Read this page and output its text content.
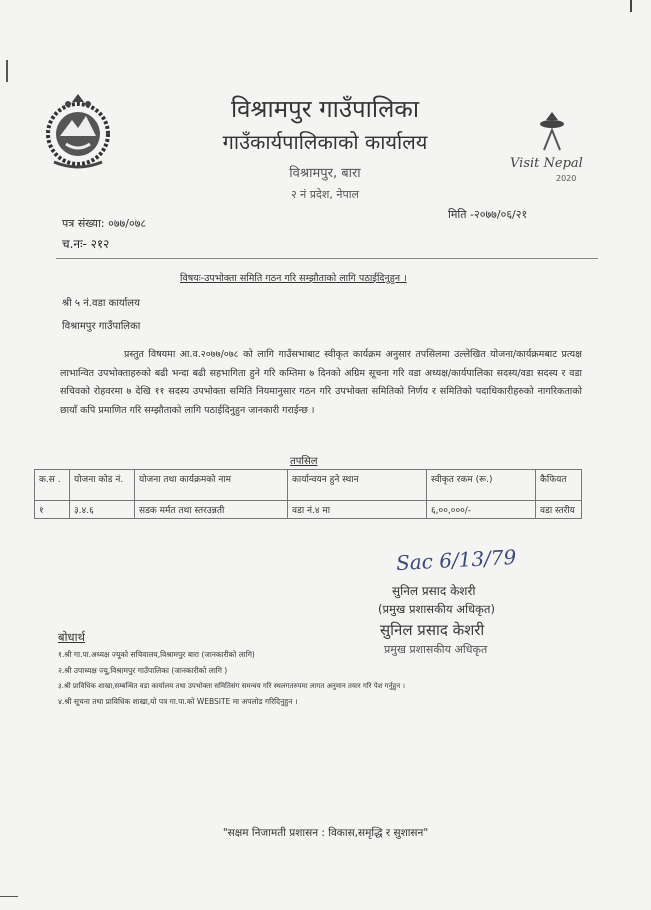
विश्रामपुर गाउँपालिका
गाउँकार्यपालिकाको कार्यालय
विश्रामपुर, बारा
२ नं प्रदेश, नेपाल
Visit Nepal
2020
पत्र संख्या: ०७७/०७८
च.नः- २१२
मिति -२०७७/०६/२१
विषयः-उपभोक्ता समिति गठन गरि सम्झौताको लागि पठाईदिनुहुन ।
श्री ५ नं.वडा कार्यालय
विश्रामपुर गाउँपालिका
प्रस्तुत विषयमा आ.व.२०७७/०७८ को लागि गाउँसभाबाट स्वीकृत कार्यक्रम अनुसार तपसिलमा उल्लेखित योजना/कार्यक्रमबाट प्रत्यक्ष लाभान्वित उपभोक्ताहरुको बढी भन्दा बढी सहभागिता हुने गरि कम्तिमा ७ दिनको अग्रिम सूचना गरि वडा अध्यक्ष/कार्यपालिका सदस्य/वडा सदस्य र वडा सचिवको रोहवरमा ७ देखि ११ सदस्य उपभोक्ता समिति नियमानुसार गठन गरि उपभोक्ता समितिको निर्णय र समितिको पदाधिकारीहरुको नागरिकताको छायाँ कपि प्रमाणित गरि सम्झौताको लागि पठाईदिनुहुन जानकारी गराईन्छ ।
तपसिल
क.स .	योजना कोड नं.	योजना तथा कार्यक्रमको नाम	कार्यान्वयन हुने स्थान	स्वीकृत रकम (रू.)	कैफियत
१	३.४.६	सडक मर्मत तथा स्तरउन्नती	वडा नं.४ मा	६,००,०००/-	वडा स्तरीय
Sac 6/13/79
सुनिल प्रसाद केशरी
(प्रमुख प्रशासकीय अधिकृत)
सुनिल प्रसाद केशरी
प्रमुख प्रशासकीय अधिकृत
बोधार्थ
१.श्री गा.पा.अध्यक्ष ज्यूको सचिवालय,विश्रामपुर बारा (जानकारीको लागि)
२.श्री उपाध्यक्ष ज्यू,विश्रामपुर गाउँपालिका (जानकारीको लागि )
३.श्री प्राविधिक शाखा,सम्बन्धित वडा कार्यालय तथा उपभोक्ता समितिसंग समन्वय गरि स्थलगतरुपमा लागत अनुमान तयार गरि पेश गर्नुहुन ।
४.श्री सूचना तथा प्राविधिक शाखा,यो पत्र गा.पा.को WEBSITE मा अपलोड गरिदिनुहुन ।
"सक्षम निजामती प्रशासन : विकास,समृद्धि र सुशासन"
